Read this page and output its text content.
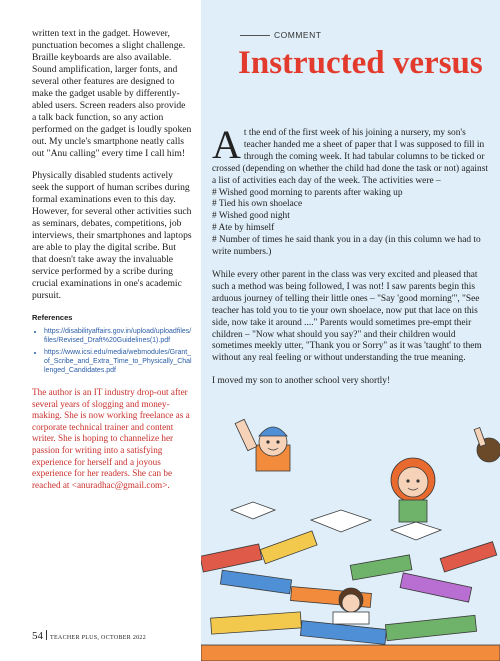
written text in the gadget. However, punctuation becomes a slight challenge. Braille keyboards are also available. Sound amplification, larger fonts, and several other features are designed to make the gadget usable by differently-abled users. Screen readers also provide a talk back function, so any action performed on the gadget is loudly spoken out. My uncle's smartphone neatly calls out "Anu calling" every time I call him!

Physically disabled students actively seek the support of human scribes during formal examinations even to this day. However, for several other activities such as seminars, debates, competitions, job interviews, their smartphones and laptops are able to play the digital scribe. But that doesn't take away the invaluable service performed by a scribe during crucial examinations in one's academic pursuit.

References
• https://disabilityaffairs.gov.in/upload/uploadfiles/files/Revised_Draft%20Guidelines(1).pdf
• https://www.icsi.edu/media/webmodules/Grant_of_Scribe_and_Extra_Time_to_Physically_Challenged_Candidates.pdf
The author is an IT industry drop-out after several years of slogging and money-making. She is now working freelance as a corporate technical trainer and content writer. She is hoping to channelize her passion for writing into a satisfying experience for herself and a joyous experience for her readers. She can be reached at <anuradhac@gmail.com>.
COMMENT
Instructed versus

At the end of the first week of his joining a nursery, my son's teacher handed me a sheet of paper that I was supposed to fill in through the coming week. It had tabular columns to be ticked or crossed (depending on whether the child had done the task or not) against a list of activities each day of the week. The activities were –
# Wished good morning to parents after waking up
# Tied his own shoelace
# Wished good night
# Ate by himself
# Number of times he said thank you in a day (in this column we had to write numbers.)

While every other parent in the class was very excited and pleased that such a method was being followed, I was not! I saw parents begin this arduous journey of telling their little ones – "Say 'good morning'", "See teacher has told you to tie your own shoelace, now put that lace on this side, now take it around ...." Parents would sometimes pre-empt their children – "Now what should you say?" and their children would sometimes meekly utter, "Thank you or Sorry" as it was 'taught' to them without any real feeling or without understanding the true meaning.

I moved my son to another school very shortly!

54 TEACHER PLUS, OCTOBER 2022
